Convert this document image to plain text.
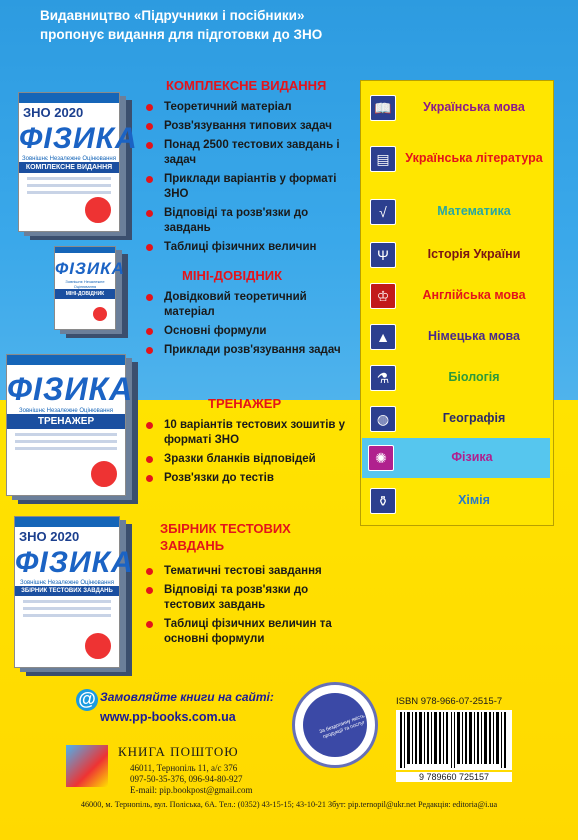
Видавництво «Підручники і посібники»
пропонує видання для підготовки до ЗНО
ЗНО 2020
ФІЗИКА
Зовнішнє Незалежне Оцінювання
КОМПЛЕКСНЕ ВИДАННЯ
ФІЗИКА
Зовнішнє Незалежне Оцінювання
МІНІ-ДОВІДНИК
ФІЗИКА
Зовнішнє Незалежне Оцінювання
ТРЕНАЖЕР
ЗНО 2020
ФІЗИКА
Зовнішнє Незалежне Оцінювання
ЗБІРНИК ТЕСТОВИХ ЗАВДАНЬ
КОМПЛЕКСНЕ ВИДАННЯ
Теоретичний матеріал
Розв'язування типових задач
Понад 2500 тестових завдань і задач
Приклади варіантів у форматі ЗНО
Відповіді та розв'язки до завдань
Таблиці фізичних величин
МІНІ-ДОВІДНИК
Довідковий теоретичний матеріал
Основні формули
Приклади розв'язування задач
ТРЕНАЖЕР
10 варіантів тестових зошитів у форматі ЗНО
Зразки бланків відповідей
Розв'язки до тестів
ЗБІРНИК ТЕСТОВИХ
ЗАВДАНЬ
Тематичні тестові завдання
Відповіді та розв'язки до тестових завдань
Таблиці фізичних величин та основні формули
📖	Українська мова
▤	Українська література
√	Математика
Ψ	Історія України
♔	Англійська мова
▲	Німецька мова
⚗	Біологія
◍	Географія
✺	Фізика
⚱	Хімія
@ Замовляйте книги на сайті:
www.pp-books.com.ua
КНИГА ПОШТОЮ
46011, Тернопіль 11, а/с 376
097-50-35-376, 096-94-80-927
E-mail: pip.bookpost@gmail.com
За бездоганну якість продукції та послуг
ISBN 978-966-07-2515-7
9 789660 725157
46000, м. Тернопіль, вул. Поліська, 6А. Тел.: (0352) 43-15-15; 43-10-21 Збут: pip.ternopil@ukr.net Редакція: editoria@i.ua
